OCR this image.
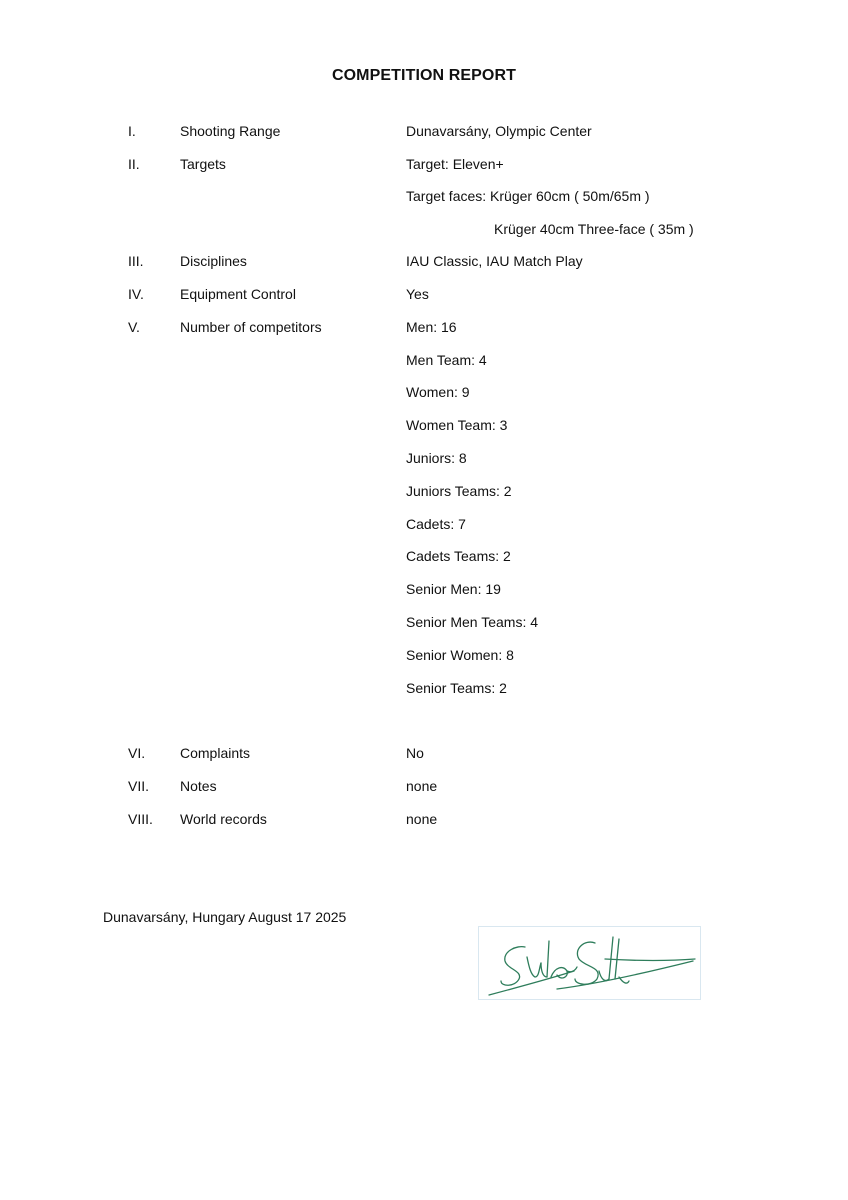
COMPETITION REPORT
I.	Shooting Range	Dunavarsány, Olympic Center
II.	Targets	Target: Eleven+
Target faces: Krüger 60cm ( 50m/65m )
Krüger 40cm Three-face ( 35m )
III.	Disciplines	IAU Classic, IAU Match Play
IV.	Equipment Control	Yes
V.	Number of competitors	Men: 16
Men Team: 4
Women: 9
Women Team: 3
Juniors: 8
Juniors Teams: 2
Cadets: 7
Cadets Teams: 2
Senior Men: 19
Senior Men Teams: 4
Senior Women: 8
Senior Teams: 2
VI. Complaints	No
VII. Notes	none
VIII. World records	none
Dunavarsány, Hungary August 17 2025
